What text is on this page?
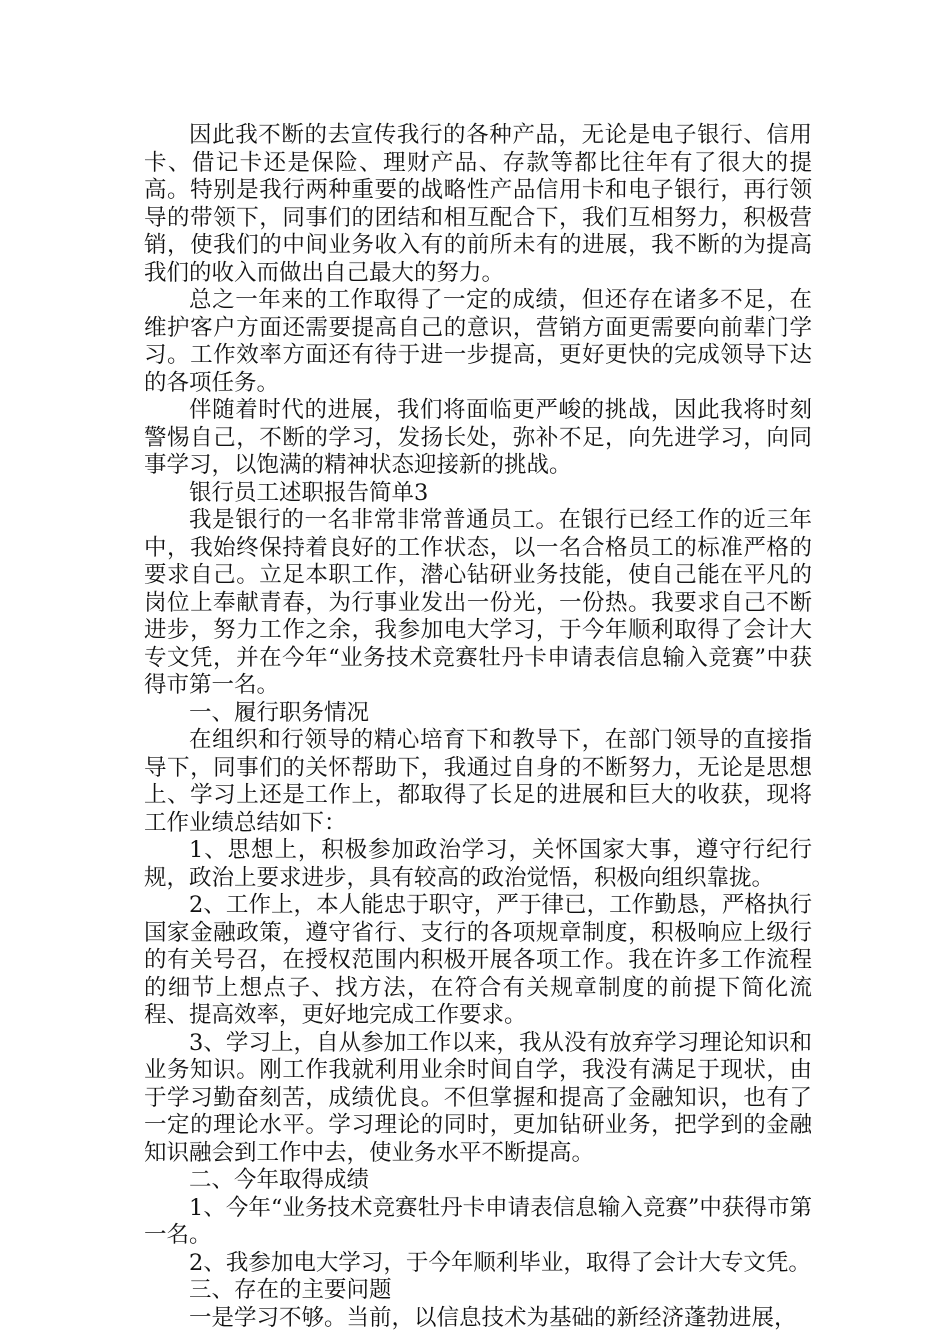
因此我不断的去宣传我行的各种产品，无论是电子银行、信用卡、借记卡还是保险、理财产品、存款等都比往年有了很大的提高。特别是我行两种重要的战略性产品信用卡和电子银行，再行领导的带领下，同事们的团结和相互配合下，我们互相努力，积极营销，使我们的中间业务收入有的前所未有的进展，我不断的为提高我们的收入而做出自己最大的努力。

总之一年来的工作取得了一定的成绩，但还存在诸多不足，在维护客户方面还需要提高自己的意识，营销方面更需要向前辈门学习。工作效率方面还有待于进一步提高，更好更快的完成领导下达的各项任务。

伴随着时代的进展，我们将面临更严峻的挑战，因此我将时刻警惕自己，不断的学习，发扬长处，弥补不足，向先进学习，向同事学习，以饱满的精神状态迎接新的挑战。

银行员工述职报告简单3

我是银行的一名非常非常普通员工。在银行已经工作的近三年中，我始终保持着良好的工作状态，以一名合格员工的标准严格的要求自己。立足本职工作，潜心钻研业务技能，使自己能在平凡的岗位上奉献青春，为行事业发出一份光，一份热。我要求自己不断进步，努力工作之余，我参加电大学习，于今年顺利取得了会计大专文凭，并在今年“业务技术竞赛牡丹卡申请表信息输入竞赛”中获得市第一名。

一、履行职务情况

在组织和行领导的精心培育下和教导下，在部门领导的直接指导下，同事们的关怀帮助下，我通过自身的不断努力，无论是思想上、学习上还是工作上，都取得了长足的进展和巨大的收获，现将工作业绩总结如下：

1、思想上，积极参加政治学习，关怀国家大事，遵守行纪行规，政治上要求进步，具有较高的政治觉悟，积极向组织靠拢。

2、工作上，本人能忠于职守，严于律已，工作勤恳，严格执行国家金融政策，遵守省行、支行的各项规章制度，积极响应上级行的有关号召，在授权范围内积极开展各项工作。我在许多工作流程的细节上想点子、找方法，在符合有关规章制度的前提下简化流程、提高效率，更好地完成工作要求。

3、学习上，自从参加工作以来，我从没有放弃学习理论知识和业务知识。刚工作我就利用业余时间自学，我没有满足于现状，由于学习勤奋刻苦，成绩优良。不但掌握和提高了金融知识，也有了一定的理论水平。学习理论的同时，更加钻研业务，把学到的金融知识融会到工作中去，使业务水平不断提高。

二、今年取得成绩

1、今年“业务技术竞赛牡丹卡申请表信息输入竞赛”中获得市第一名。

2、我参加电大学习，于今年顺利毕业，取得了会计大专文凭。

三、存在的主要问题

一是学习不够。当前，以信息技术为基础的新经济蓬勃进展，
